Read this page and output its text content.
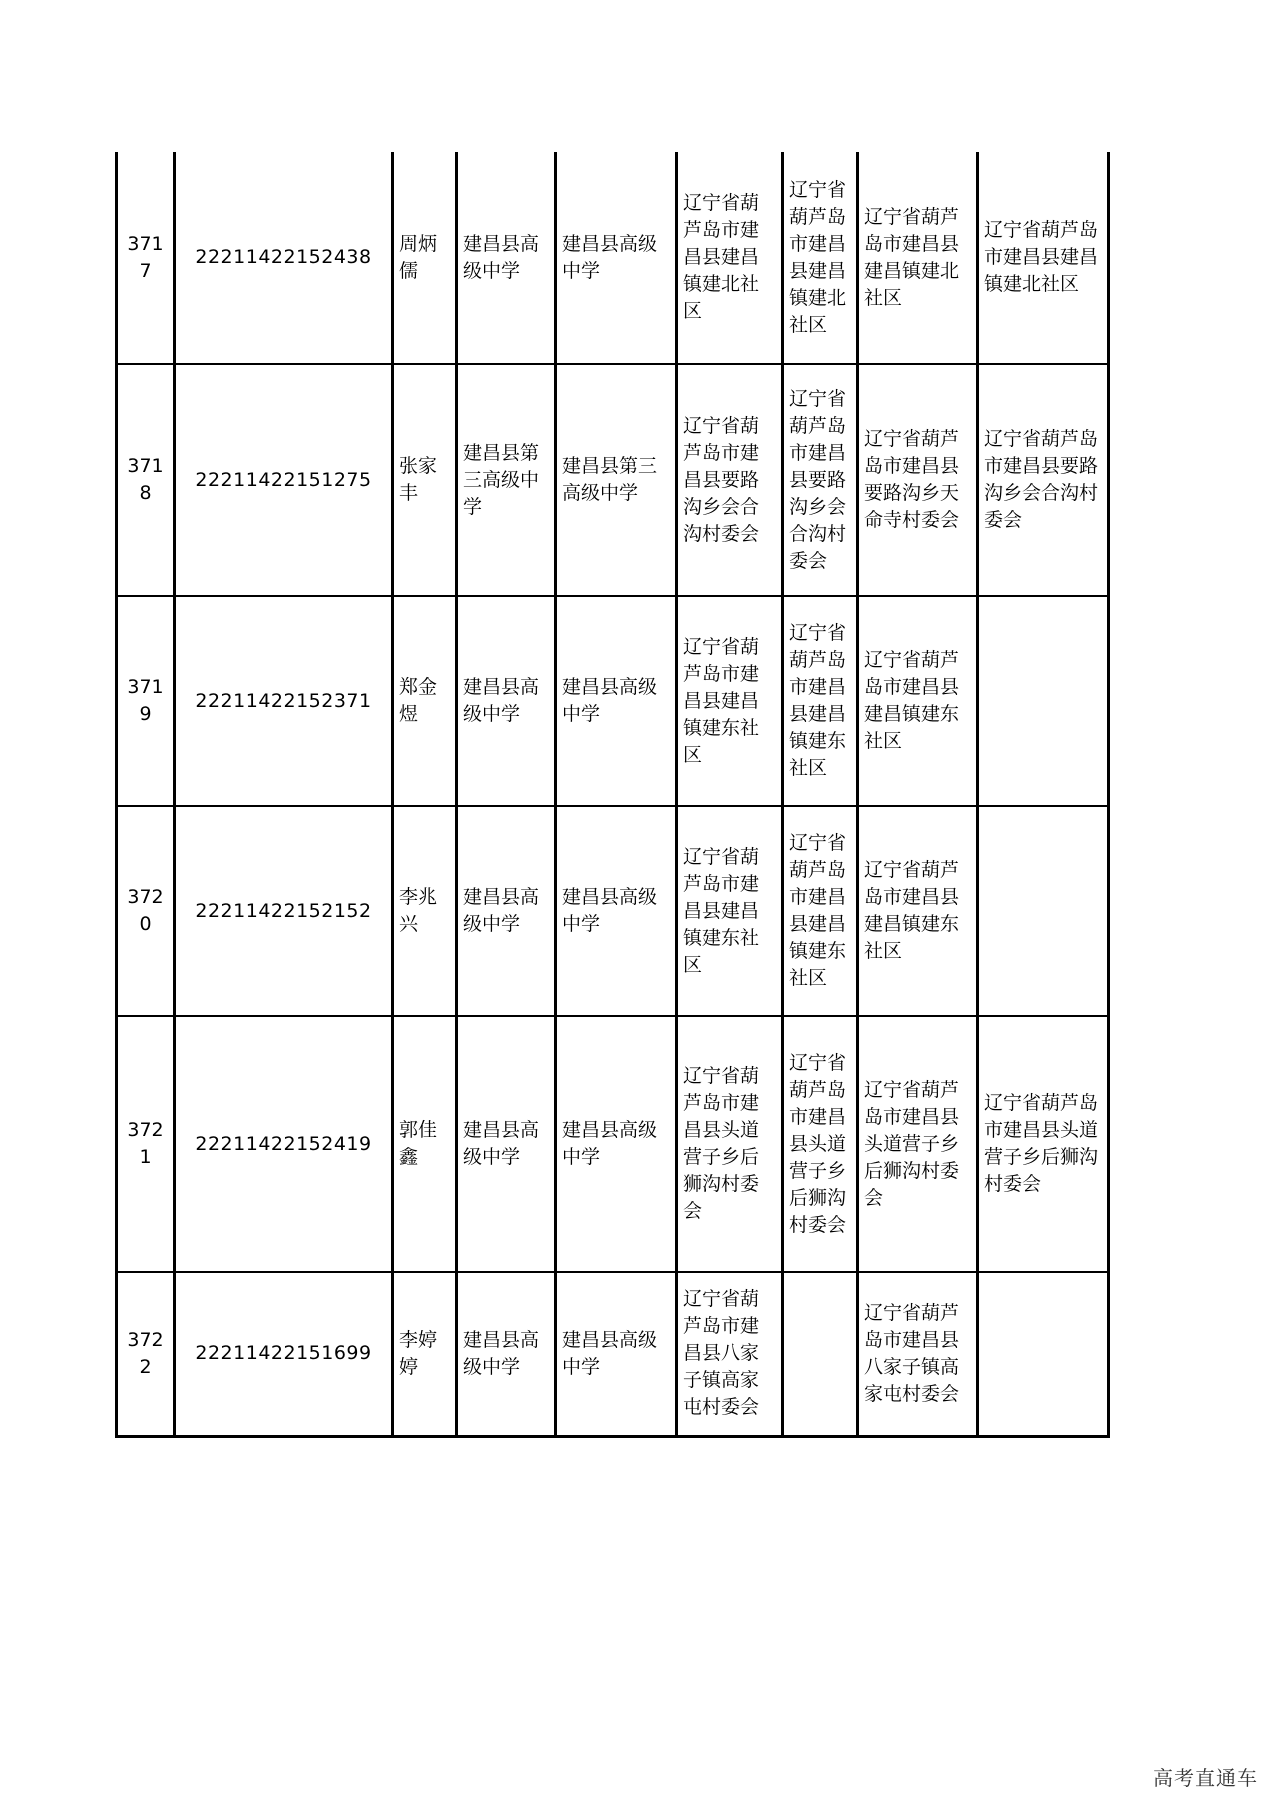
3717	22211422152438	周炳儒	建昌县高级中学	建昌县高级中学	辽宁省葫芦岛市建昌县建昌镇建北社区	辽宁省葫芦岛市建昌县建昌镇建北社区	辽宁省葫芦岛市建昌县建昌镇建北社区	辽宁省葫芦岛市建昌县建昌镇建北社区
3718	22211422151275	张家丰	建昌县第三高级中学	建昌县第三高级中学	辽宁省葫芦岛市建昌县要路沟乡会合沟村委会	辽宁省葫芦岛市建昌县要路沟乡会合沟村委会	辽宁省葫芦岛市建昌县要路沟乡天命寺村委会	辽宁省葫芦岛市建昌县要路沟乡会合沟村委会
3719	22211422152371	郑金煜	建昌县高级中学	建昌县高级中学	辽宁省葫芦岛市建昌县建昌镇建东社区	辽宁省葫芦岛市建昌县建昌镇建东社区	辽宁省葫芦岛市建昌县建昌镇建东社区	
3720	22211422152152	李兆兴	建昌县高级中学	建昌县高级中学	辽宁省葫芦岛市建昌县建昌镇建东社区	辽宁省葫芦岛市建昌县建昌镇建东社区	辽宁省葫芦岛市建昌县建昌镇建东社区	
3721	22211422152419	郭佳鑫	建昌县高级中学	建昌县高级中学	辽宁省葫芦岛市建昌县头道营子乡后狮沟村委会	辽宁省葫芦岛市建昌县头道营子乡后狮沟村委会	辽宁省葫芦岛市建昌县头道营子乡后狮沟村委会	辽宁省葫芦岛市建昌县头道营子乡后狮沟村委会
3722	22211422151699	李婷婷	建昌县高级中学	建昌县高级中学	辽宁省葫芦岛市建昌县八家子镇高家屯村委会		辽宁省葫芦岛市建昌县八家子镇高家屯村委会	
高考直通车
